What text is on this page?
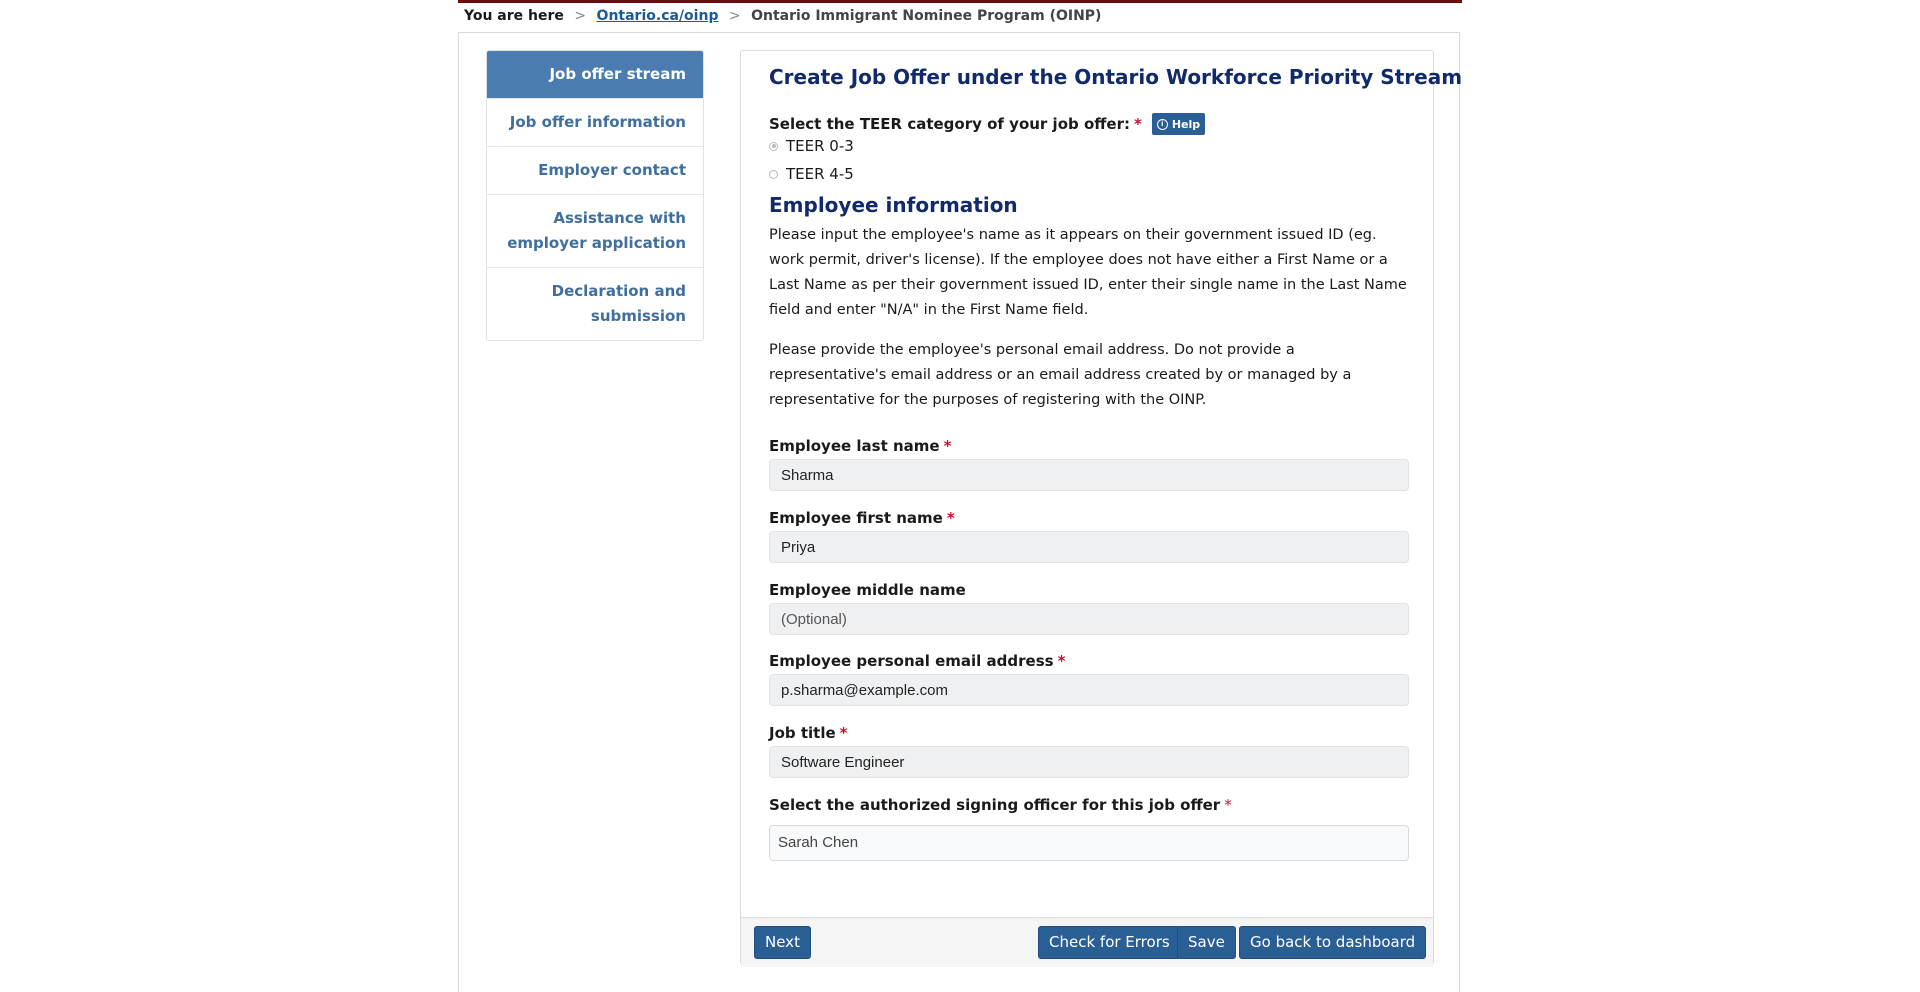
You are here > Ontario.ca/oinp > Ontario Immigrant Nominee Program (OINP)
Job offer stream
Job offer information
Employer contact
Assistance with employer application
Declaration and submission
Create Job Offer under the Ontario Workforce Priority Stream
Select the TEER category of your job offer: *	i Help
TEER 0-3
TEER 4-5
Employee information

Please input the employee's name as it appears on their government issued ID (eg. work permit, driver's license). If the employee does not have either a First Name or a Last Name as per their government issued ID, enter their single name in the Last Name field and enter "N/A" in the First Name field.

Please provide the employee's personal email address. Do not provide a representative's email address or an email address created by or managed by a representative for the purposes of registering with the OINP.

Employee last name *
Sharma
Employee first name *
Priya
Employee middle name
(Optional)
Employee personal email address *
p.sharma@example.com
Job title *
Software Engineer
Select the authorized signing officer for this job offer *
Sarah Chen
Next	Check for Errors	Save	Go back to dashboard
